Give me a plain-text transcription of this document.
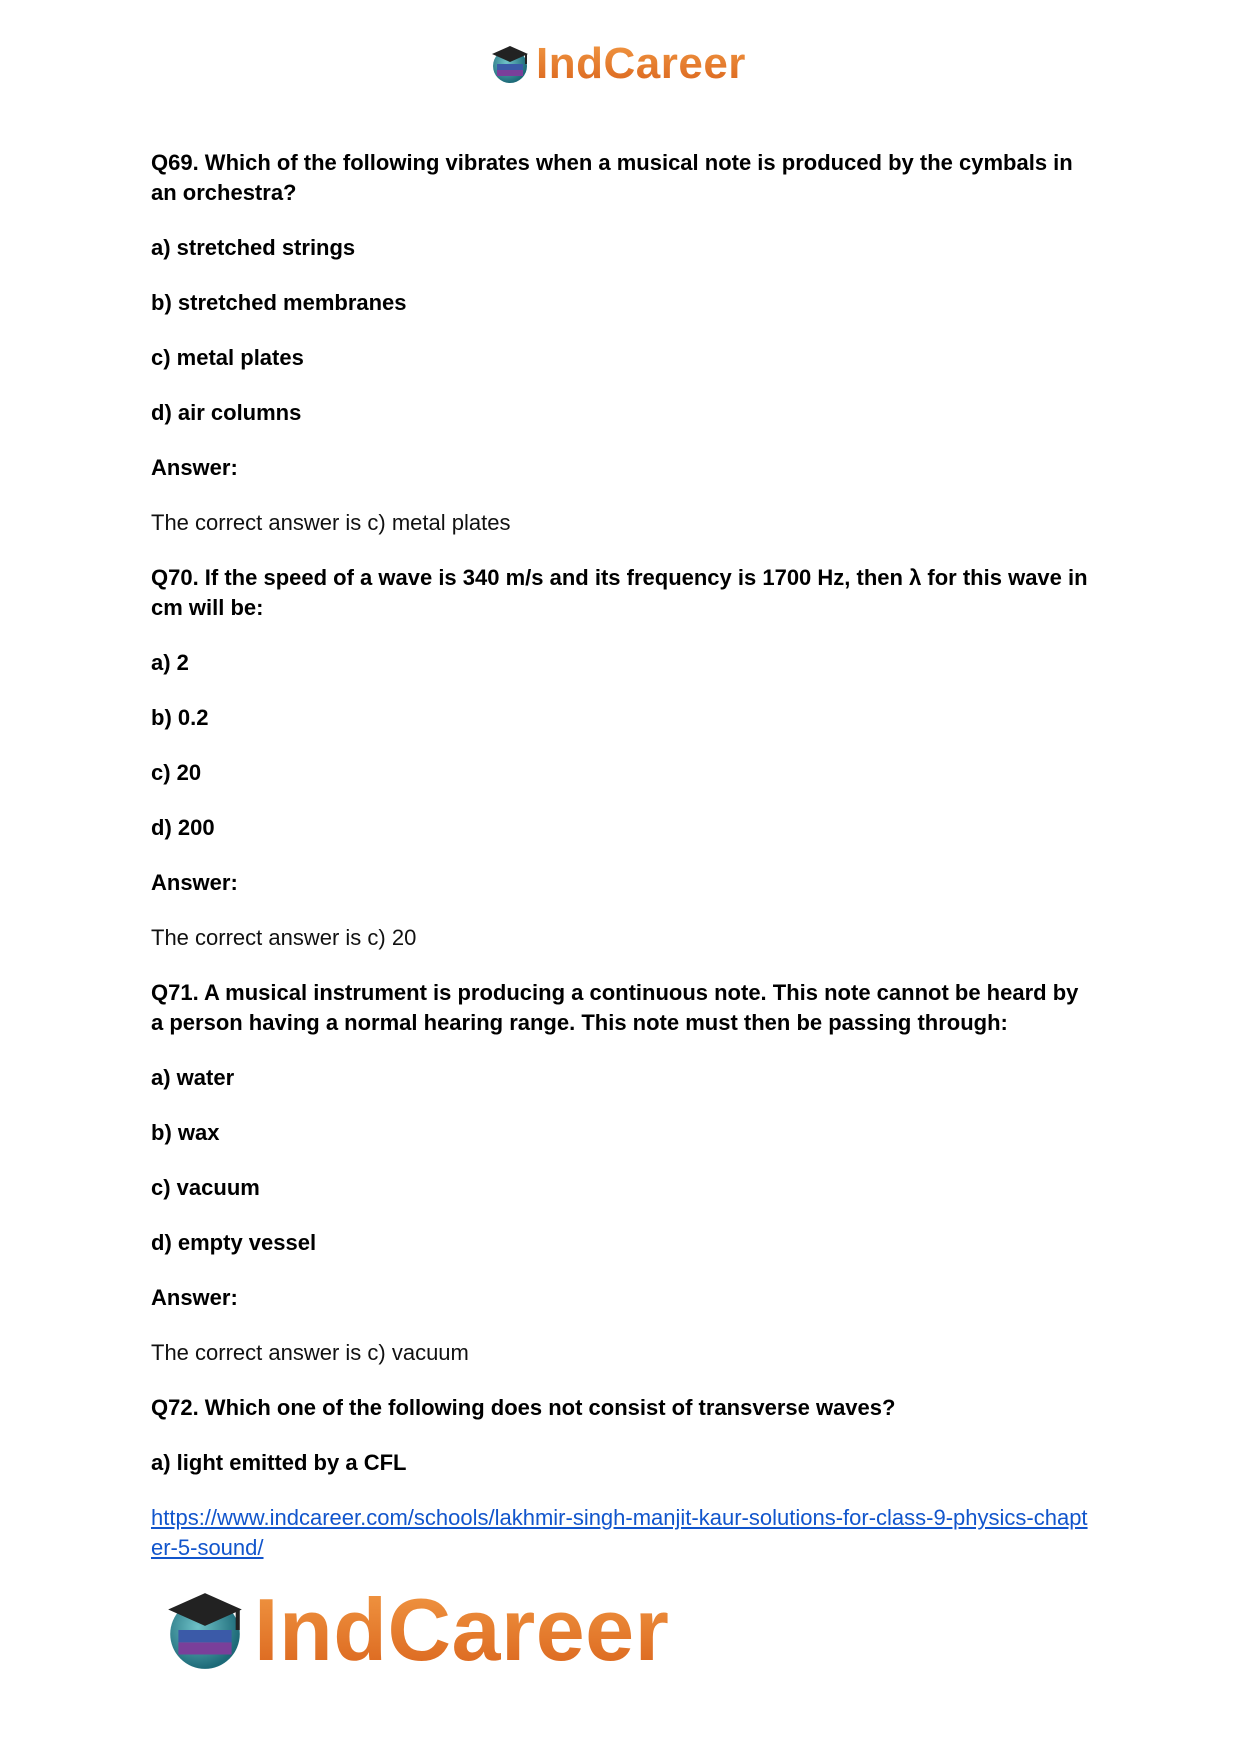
IndCareer

Q69. Which of the following vibrates when a musical note is produced by the cymbals in an orchestra?

a) stretched strings

b) stretched membranes

c) metal plates

d) air columns

Answer:

The correct answer is c) metal plates

Q70. If the speed of a wave is 340 m/s and its frequency is 1700 Hz, then λ for this wave in cm will be:

a) 2

b) 0.2

c) 20

d) 200

Answer:

The correct answer is c) 20

Q71. A musical instrument is producing a continuous note. This note cannot be heard by a person having a normal hearing range. This note must then be passing through:

a) water

b) wax

c) vacuum

d) empty vessel

Answer:

The correct answer is c) vacuum

Q72. Which one of the following does not consist of transverse waves?

a) light emitted by a CFL

https://www.indcareer.com/schools/lakhmir-singh-manjit-kaur-solutions-for-class-9-physics-chapter-5-sound/
IndCareer
